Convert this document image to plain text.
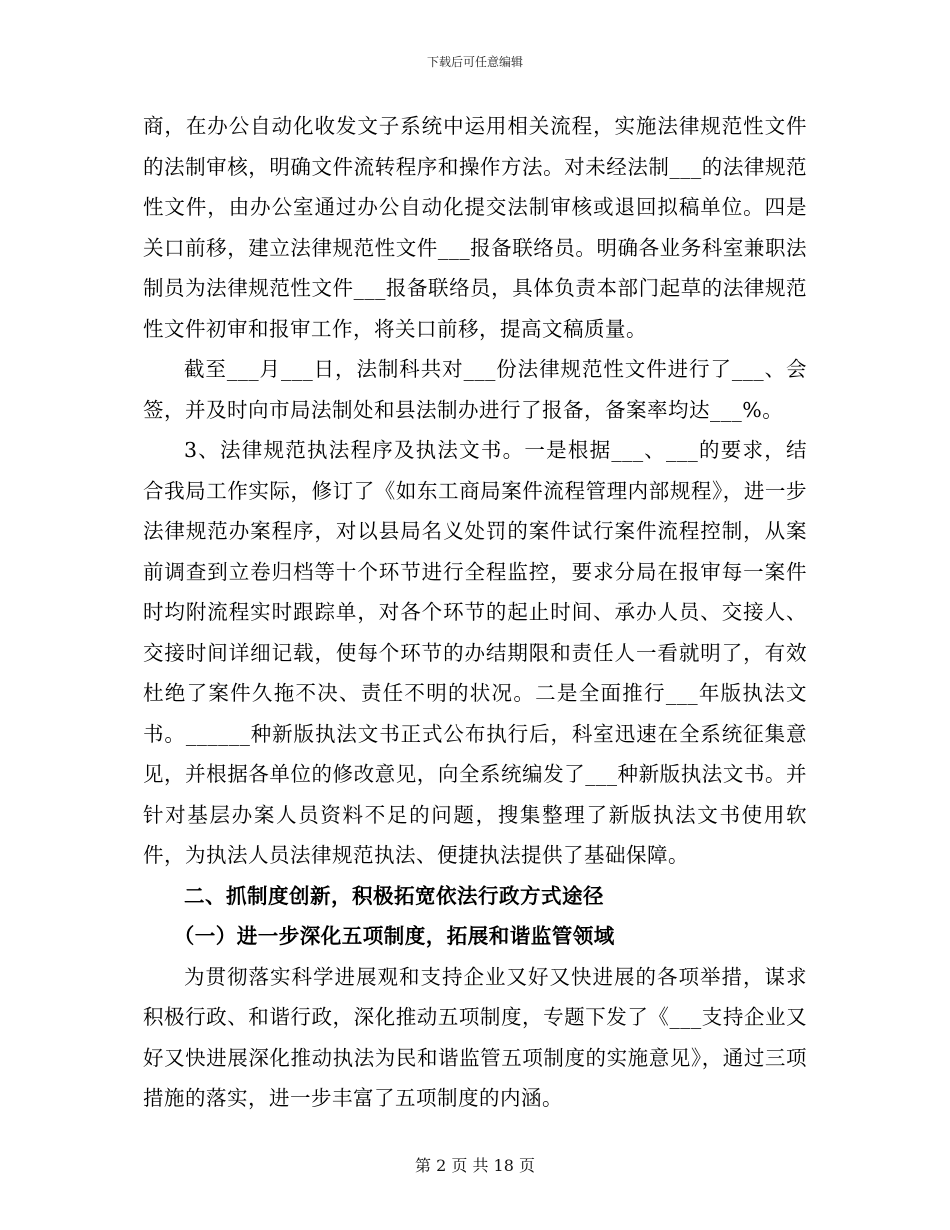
下载后可任意编辑

商，在办公自动化收发文子系统中运用相关流程，实施法律规范性文件的法制审核，明确文件流转程序和操作方法。对未经法制___的法律规范性文件，由办公室通过办公自动化提交法制审核或退回拟稿单位。四是关口前移，建立法律规范性文件___报备联络员。明确各业务科室兼职法制员为法律规范性文件___报备联络员，具体负责本部门起草的法律规范性文件初审和报审工作，将关口前移，提高文稿质量。

截至___月___日，法制科共对___份法律规范性文件进行了___、会签，并及时向市局法制处和县法制办进行了报备，备案率均达___%。

3、法律规范执法程序及执法文书。一是根据___、___的要求，结合我局工作实际，修订了《如东工商局案件流程管理内部规程》，进一步法律规范办案程序，对以县局名义处罚的案件试行案件流程控制，从案前调查到立卷归档等十个环节进行全程监控，要求分局在报审每一案件时均附流程实时跟踪单，对各个环节的起止时间、承办人员、交接人、交接时间详细记载，使每个环节的办结期限和责任人一看就明了，有效杜绝了案件久拖不决、责任不明的状况。二是全面推行___年版执法文书。______种新版执法文书正式公布执行后，科室迅速在全系统征集意见，并根据各单位的修改意见，向全系统编发了___种新版执法文书。并针对基层办案人员资料不足的问题，搜集整理了新版执法文书使用软件，为执法人员法律规范执法、便捷执法提供了基础保障。

二、抓制度创新，积极拓宽依法行政方式途径

（一）进一步深化五项制度，拓展和谐监管领域

为贯彻落实科学进展观和支持企业又好又快进展的各项举措，谋求积极行政、和谐行政，深化推动五项制度，专题下发了《___支持企业又好又快进展深化推动执法为民和谐监管五项制度的实施意见》，通过三项措施的落实，进一步丰富了五项制度的内涵。

第 2 页 共 18 页
